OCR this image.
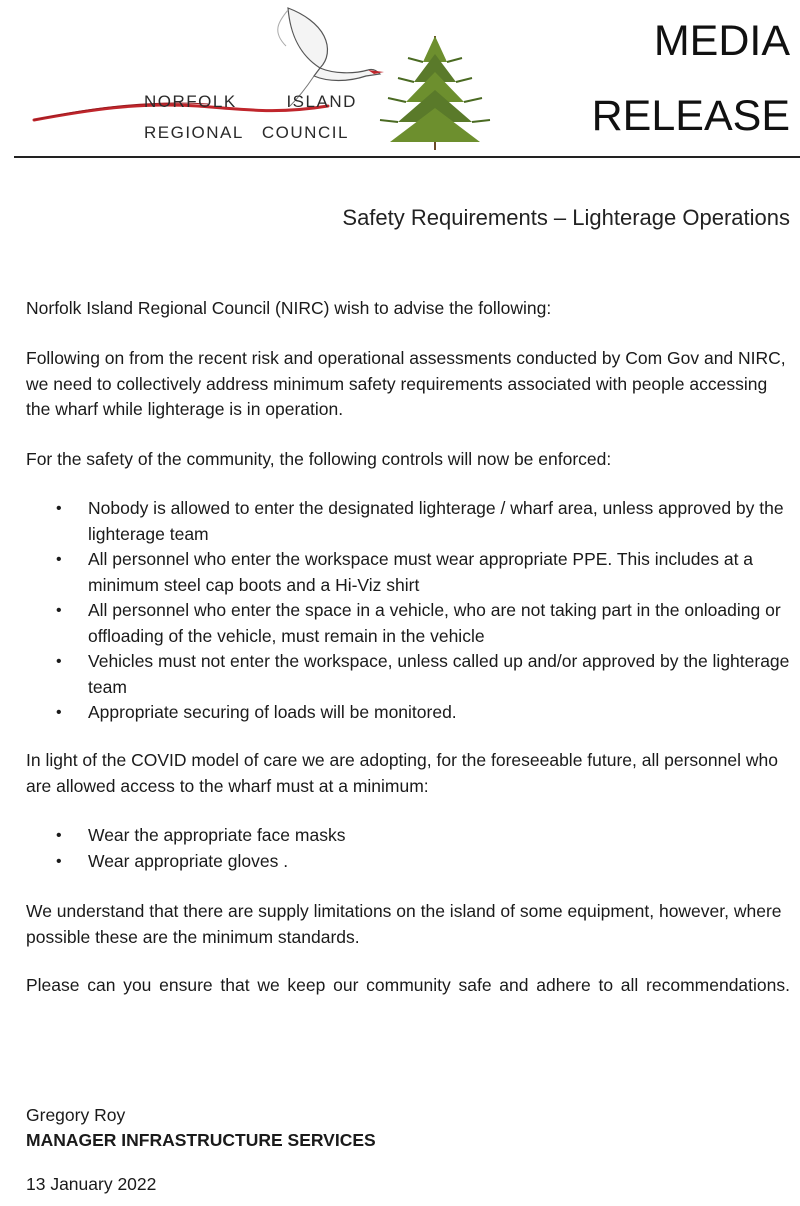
NORFOLK        ISLAND
REGIONAL   COUNCIL
MEDIA
RELEASE
Safety Requirements – Lighterage Operations

Norfolk Island Regional Council (NIRC) wish to advise the following:

Following on from the recent risk and operational assessments conducted by Com Gov and NIRC, we need to collectively address minimum safety requirements associated with people accessing the wharf while lighterage is in operation.

For the safety of the community, the following controls will now be enforced:

• Nobody is allowed to enter the designated lighterage / wharf area, unless approved by the lighterage team
• All personnel who enter the workspace must wear appropriate PPE. This includes at a minimum steel cap boots and a Hi-Viz shirt
• All personnel who enter the space in a vehicle, who are not taking part in the onloading or offloading of the vehicle, must remain in the vehicle
• Vehicles must not enter the workspace, unless called up and/or approved by the lighterage team
• Appropriate securing of loads will be monitored.

In light of the COVID model of care we are adopting, for the foreseeable future, all personnel who are allowed access to the wharf must at a minimum:

• Wear the appropriate face masks
• Wear appropriate gloves .

We understand that there are supply limitations on the island of some equipment, however, where possible these are the minimum standards.

Please can you ensure that we keep our community safe and adhere to all recommendations.

Gregory Roy
MANAGER INFRASTRUCTURE SERVICES
13 January 2022
